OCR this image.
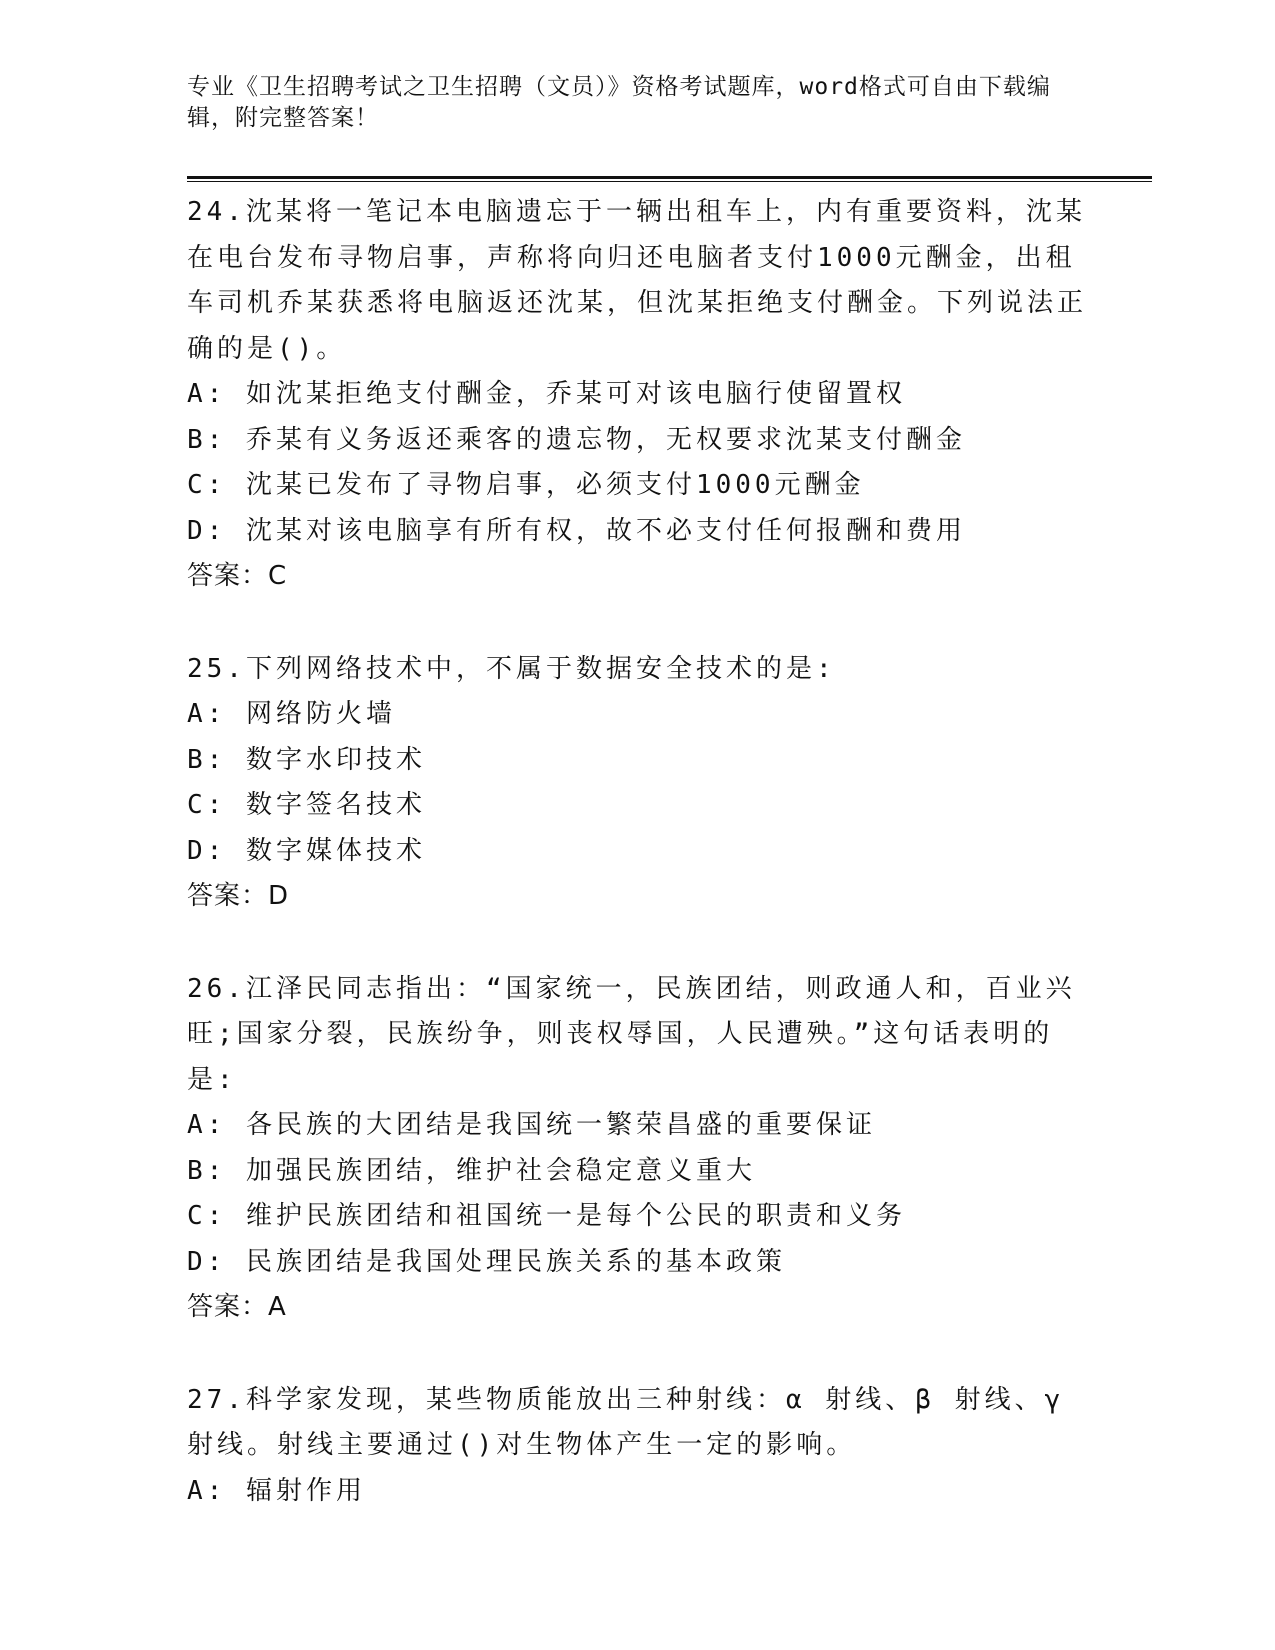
专业《卫生招聘考试之卫生招聘（文员）》资格考试题库，word格式可自由下载编辑，附完整答案！
24.沈某将一笔记本电脑遗忘于一辆出租车上，内有重要资料，沈某在电台发布寻物启事，声称将向归还电脑者支付1000元酬金，出租车司机乔某获悉将电脑返还沈某，但沈某拒绝支付酬金。下列说法正确的是()。
A: 如沈某拒绝支付酬金，乔某可对该电脑行使留置权
B: 乔某有义务返还乘客的遗忘物，无权要求沈某支付酬金
C: 沈某已发布了寻物启事，必须支付1000元酬金
D: 沈某对该电脑享有所有权，故不必支付任何报酬和费用
答案：C
25.下列网络技术中，不属于数据安全技术的是:
A: 网络防火墙
B: 数字水印技术
C: 数字签名技术
D: 数字媒体技术
答案：D
26.江泽民同志指出：“国家统一，民族团结，则政通人和，百业兴旺;国家分裂，民族纷争，则丧权辱国，人民遭殃。”这句话表明的是:
A: 各民族的大团结是我国统一繁荣昌盛的重要保证
B: 加强民族团结，维护社会稳定意义重大
C: 维护民族团结和祖国统一是每个公民的职责和义务
D: 民族团结是我国处理民族关系的基本政策
答案：A
27.科学家发现，某些物质能放出三种射线：α 射线、β 射线、γ 射线。射线主要通过()对生物体产生一定的影响。
A: 辐射作用
